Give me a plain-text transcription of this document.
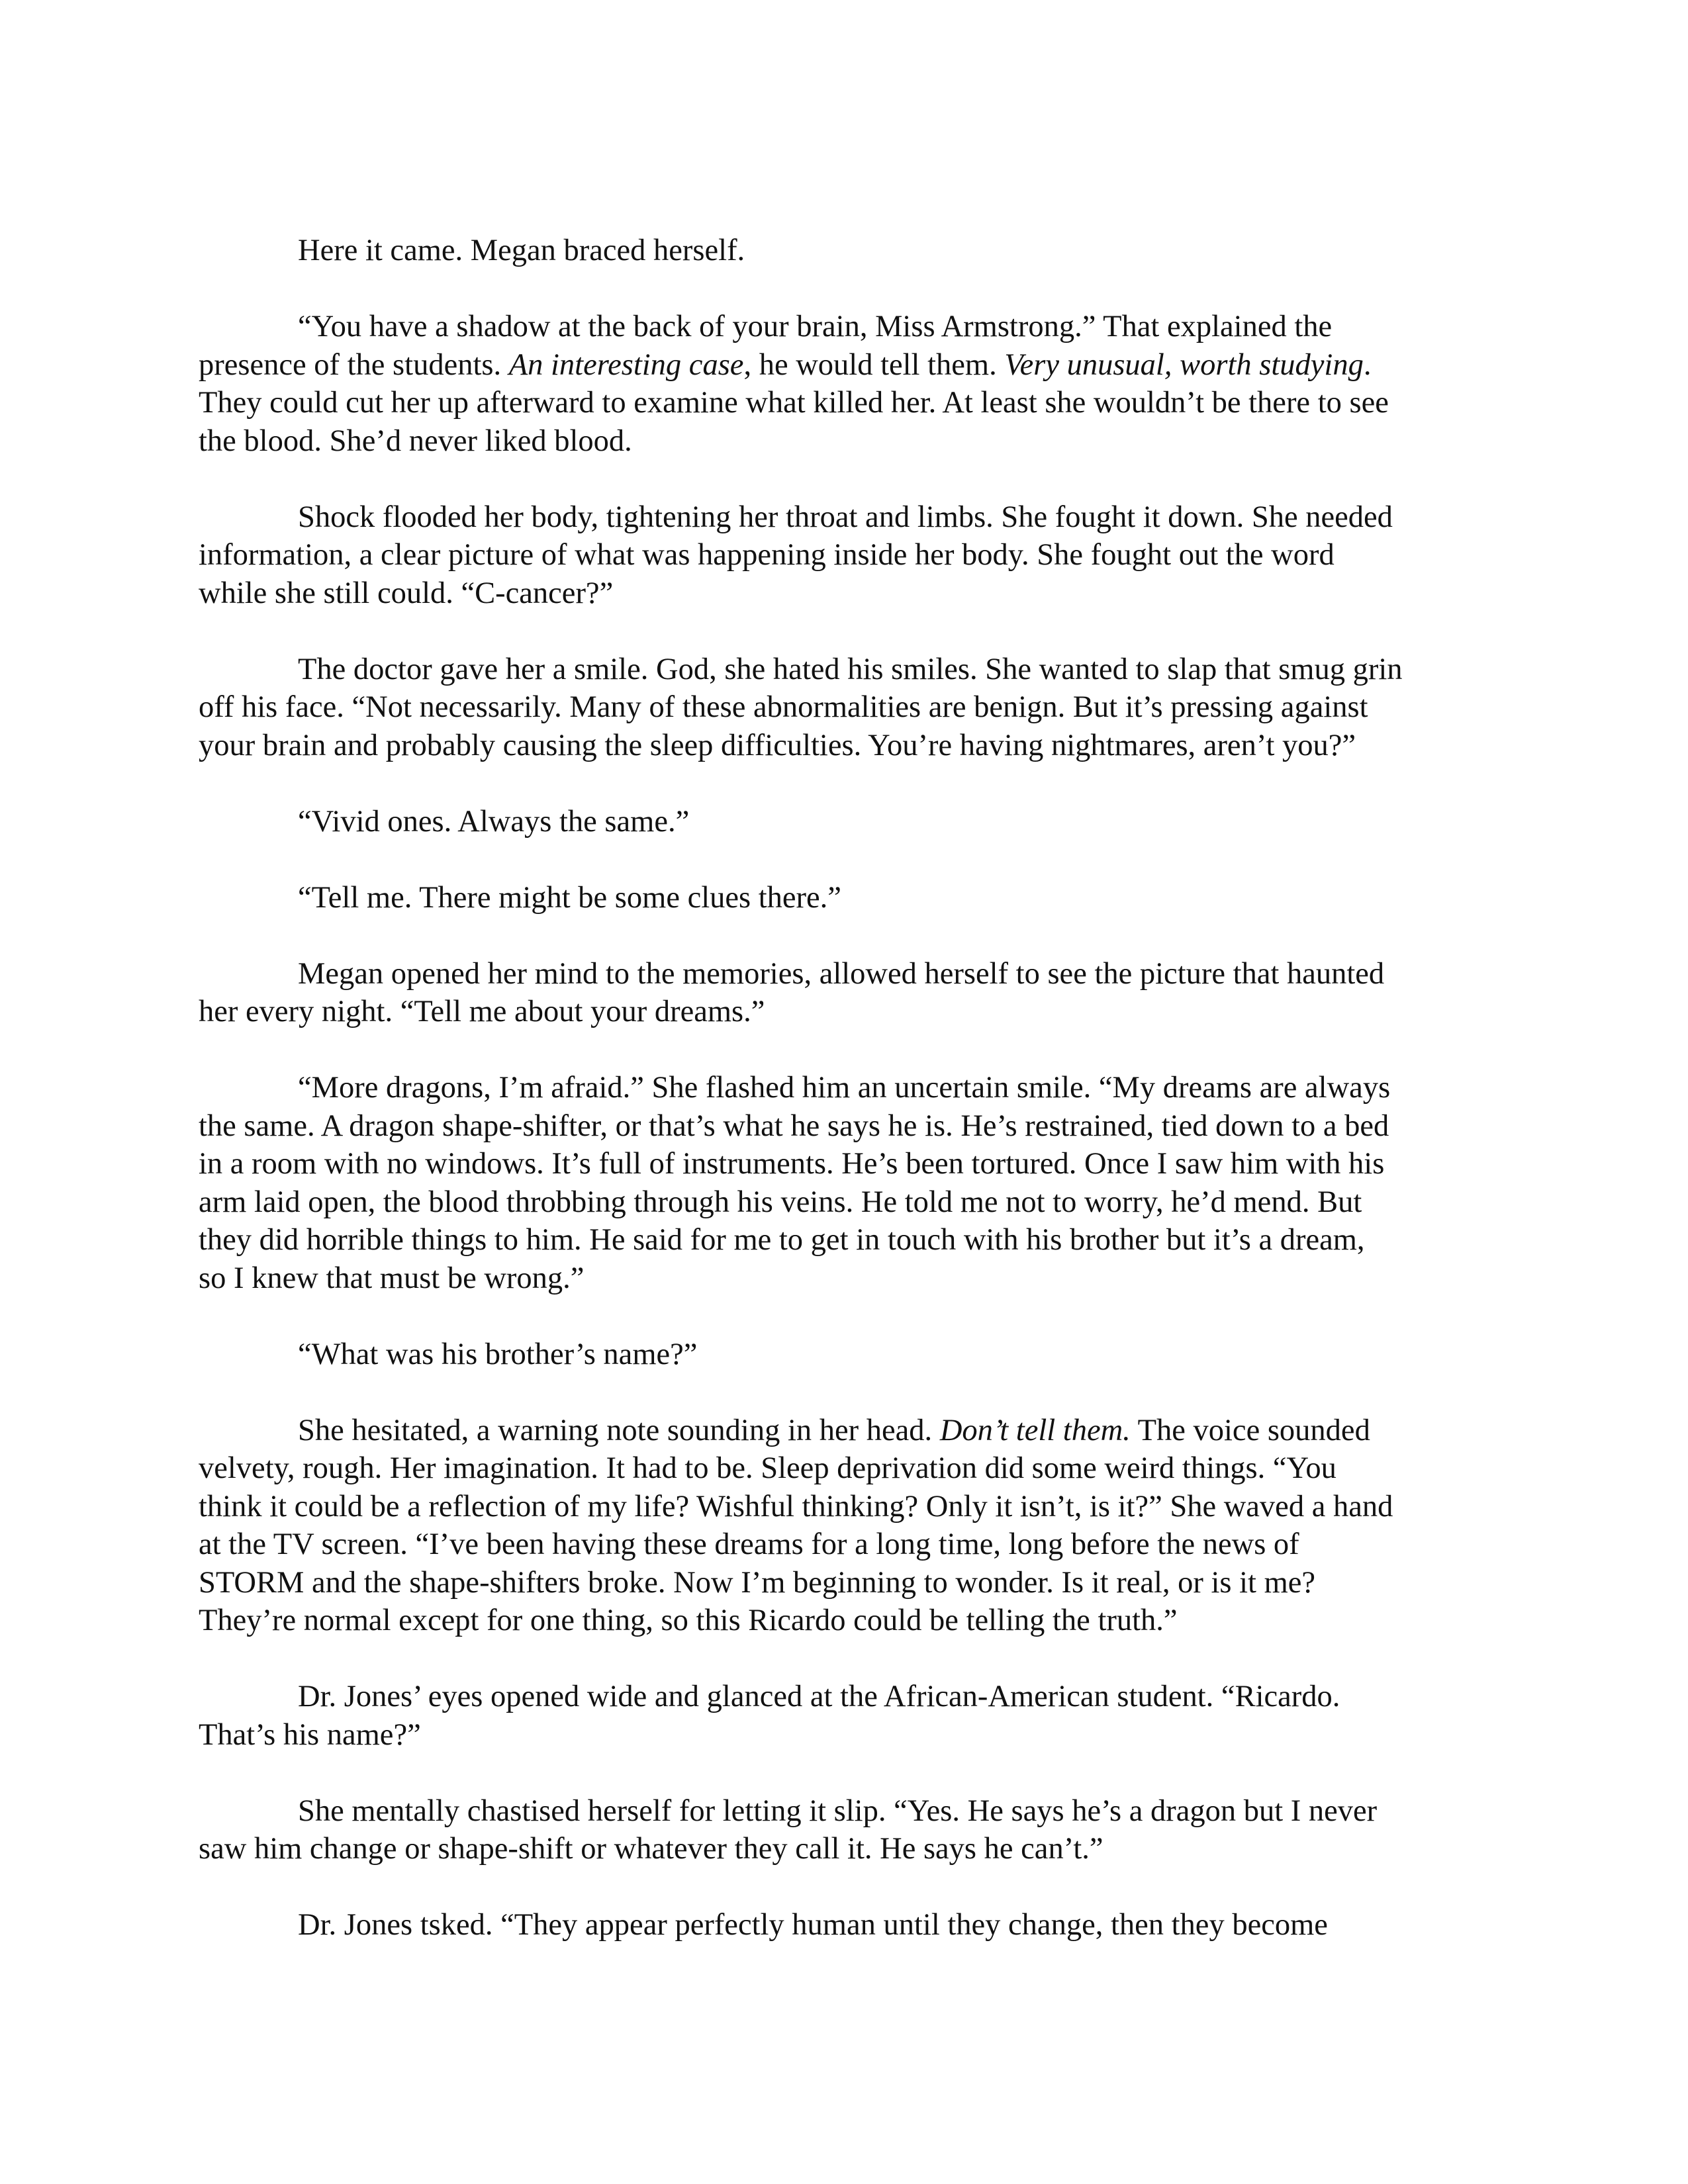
Here it came. Megan braced herself.
“You have a shadow at the back of your brain, Miss Armstrong.” That explained the
presence of the students. An interesting case, he would tell them. Very unusual, worth studying.
They could cut her up afterward to examine what killed her. At least she wouldn’t be there to see
the blood. She’d never liked blood.
Shock flooded her body, tightening her throat and limbs. She fought it down. She needed
information, a clear picture of what was happening inside her body. She fought out the word
while she still could. “C-cancer?”
The doctor gave her a smile. God, she hated his smiles. She wanted to slap that smug grin
off his face. “Not necessarily. Many of these abnormalities are benign. But it’s pressing against
your brain and probably causing the sleep difficulties. You’re having nightmares, aren’t you?”
“Vivid ones. Always the same.”
“Tell me. There might be some clues there.”
Megan opened her mind to the memories, allowed herself to see the picture that haunted
her every night. “Tell me about your dreams.”
“More dragons, I’m afraid.” She flashed him an uncertain smile. “My dreams are always
the same. A dragon shape-shifter, or that’s what he says he is. He’s restrained, tied down to a bed
in a room with no windows. It’s full of instruments. He’s been tortured. Once I saw him with his
arm laid open, the blood throbbing through his veins. He told me not to worry, he’d mend. But
they did horrible things to him. He said for me to get in touch with his brother but it’s a dream,
so I knew that must be wrong.”
“What was his brother’s name?”
She hesitated, a warning note sounding in her head. Don’t tell them. The voice sounded
velvety, rough. Her imagination. It had to be. Sleep deprivation did some weird things. “You
think it could be a reflection of my life? Wishful thinking? Only it isn’t, is it?” She waved a hand
at the TV screen. “I’ve been having these dreams for a long time, long before the news of
STORM and the shape-shifters broke. Now I’m beginning to wonder. Is it real, or is it me?
They’re normal except for one thing, so this Ricardo could be telling the truth.”
Dr. Jones’ eyes opened wide and glanced at the African-American student. “Ricardo.
That’s his name?”
She mentally chastised herself for letting it slip. “Yes. He says he’s a dragon but I never
saw him change or shape-shift or whatever they call it. He says he can’t.”
Dr. Jones tsked. “They appear perfectly human until they change, then they become
